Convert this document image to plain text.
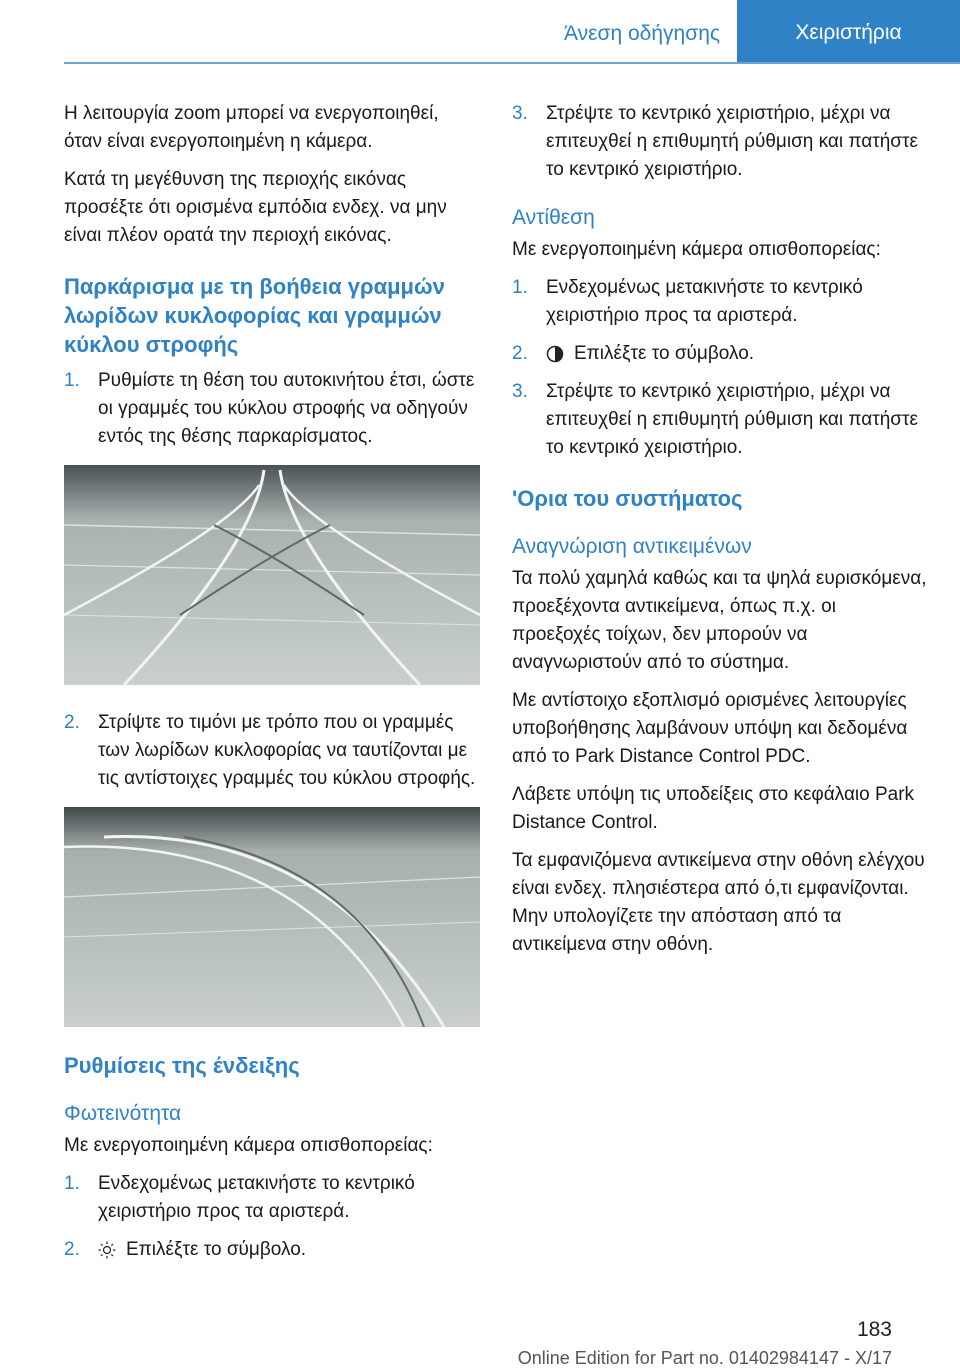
Άνεση οδήγησης	Χειριστήρια

Η λειτουργία zoom μπορεί να ενεργοποιηθεί, όταν είναι ενεργοποιημένη η κάμερα.

Κατά τη μεγέθυνση της περιοχής εικόνας προσέξτε ότι ορισμένα εμπόδια ενδεχ. να μην είναι πλέον ορατά την περιοχή εικόνας.

Παρκάρισμα με τη βοήθεια γραμμών λωρίδων κυκλοφορίας και γραμμών κύκλου στροφής
1. Ρυθμίστε τη θέση του αυτοκινήτου έτσι, ώστε οι γραμμές του κύκλου στροφής να οδηγούν εντός της θέσης παρκαρίσματος.
2. Στρίψτε το τιμόνι με τρόπο που οι γραμμές των λωρίδων κυκλοφορίας να ταυτίζονται με τις αντίστοιχες γραμμές του κύκλου στροφής.
Ρυθμίσεις της ένδειξης
Φωτεινότητα

Με ενεργοποιημένη κάμερα οπισθοπορείας:

1. Ενδεχομένως μετακινήστε το κεντρικό χειριστήριο προς τα αριστερά.
2.	Επιλέξτε το σύμβολο.
3. Στρέψτε το κεντρικό χειριστήριο, μέχρι να επιτευχθεί η επιθυμητή ρύθμιση και πατήστε το κεντρικό χειριστήριο.
Αντίθεση

Με ενεργοποιημένη κάμερα οπισθοπορείας:

1. Ενδεχομένως μετακινήστε το κεντρικό χειριστήριο προς τα αριστερά.
2.	Επιλέξτε το σύμβολο.
3. Στρέψτε το κεντρικό χειριστήριο, μέχρι να επιτευχθεί η επιθυμητή ρύθμιση και πατήστε το κεντρικό χειριστήριο.
'Ορια του συστήματος
Αναγνώριση αντικειμένων

Τα πολύ χαμηλά καθώς και τα ψηλά ευρισκόμενα, προεξέχοντα αντικείμενα, όπως π.χ. οι προεξοχές τοίχων, δεν μπορούν να αναγνωριστούν από το σύστημα.

Με αντίστοιχο εξοπλισμό ορισμένες λειτουργίες υποβοήθησης λαμβάνουν υπόψη και δεδομένα από το Park Distance Control PDC.

Λάβετε υπόψη τις υποδείξεις στο κεφάλαιο Park Distance Control.

Τα εμφανιζόμενα αντικείμενα στην οθόνη ελέγχου είναι ενδεχ. πλησιέστερα από ό,τι εμφανίζονται. Μην υπολογίζετε την απόσταση από τα αντικείμενα στην οθόνη.

183
Online Edition for Part no. 01402984147 - X/17
